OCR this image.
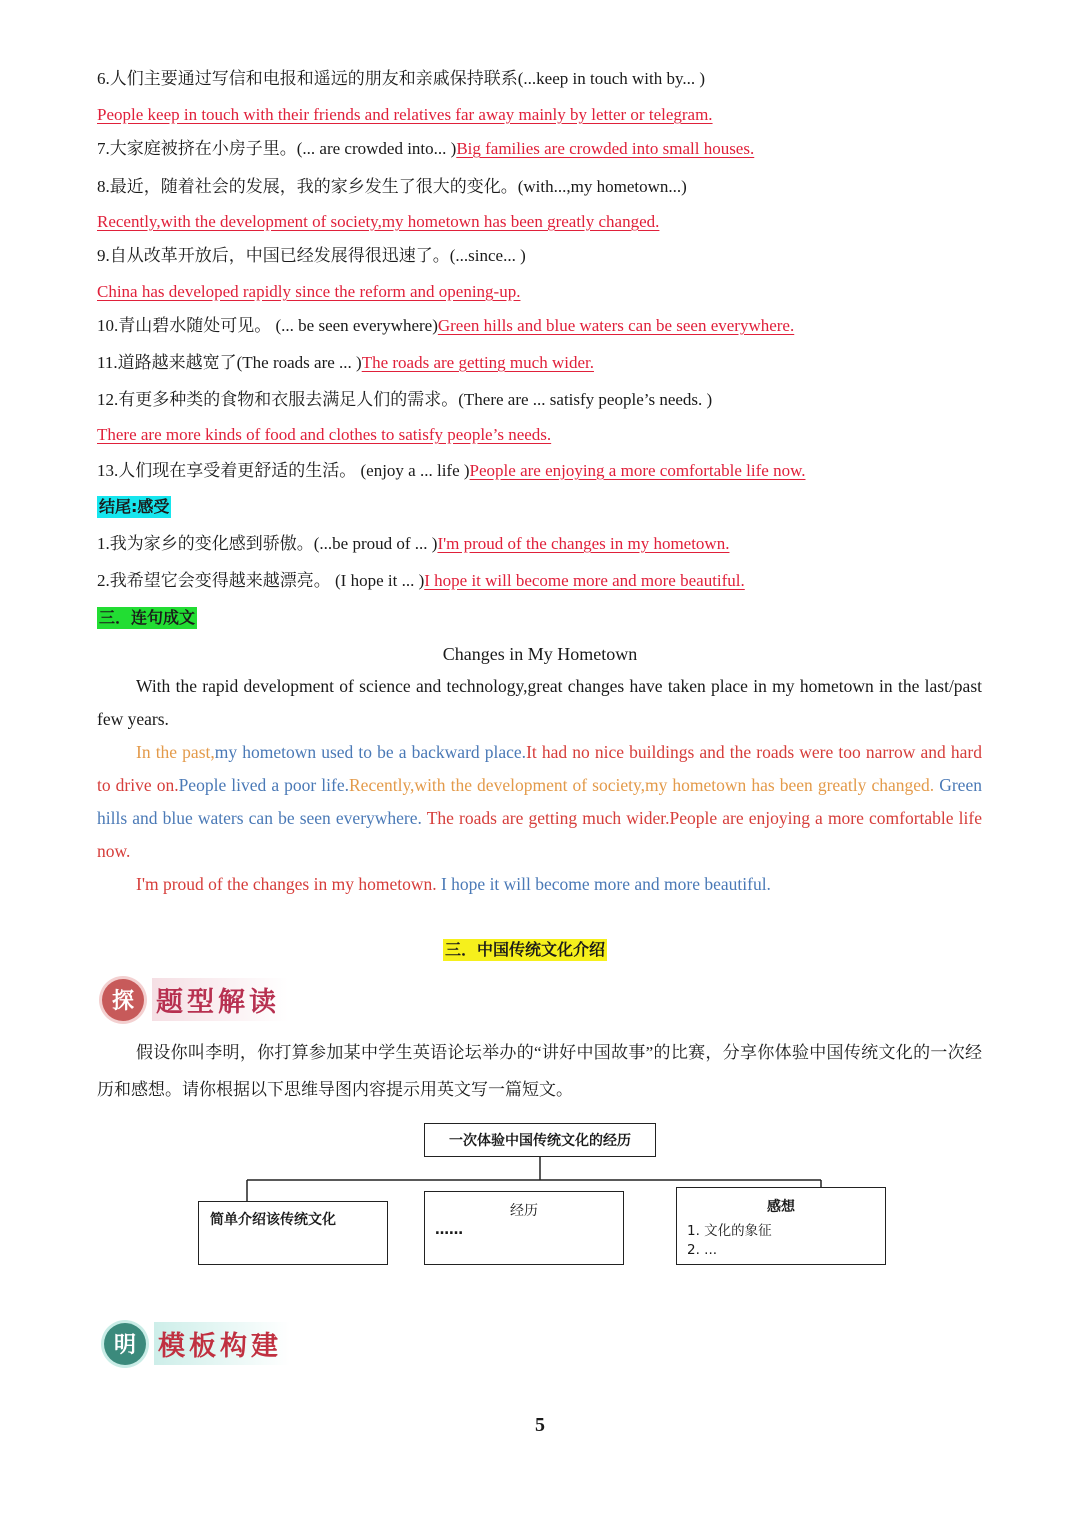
6.人们主要通过写信和电报和遥远的朋友和亲戚保持联系(...keep in touch with by... )
People keep in touch with their friends and relatives far away mainly by letter or telegram.
7.大家庭被挤在小房子里。(... are crowded into... )Big families are crowded into small houses.
8.最近，随着社会的发展，我的家乡发生了很大的变化。(with...,my hometown...)
Recently,with the development of society,my hometown has been greatly changed.
9.自从改革开放后，中国已经发展得很迅速了。(...since... )
China has developed rapidly since the reform and opening-up.
10.青山碧水随处可见。 (... be seen everywhere)Green hills and blue waters can be seen everywhere.
11.道路越来越宽了(The roads are ... )The roads are getting much wider.
12.有更多种类的食物和衣服去满足人们的需求。(There are ... satisfy people’s needs. )
There are more kinds of food and clothes to satisfy people’s needs.
13.人们现在享受着更舒适的生活。 (enjoy a ... life )People are enjoying a more comfortable life now.
结尾:感受
1.我为家乡的变化感到骄傲。(...be proud of ... )I'm proud of the changes in my hometown.
2.我希望它会变得越来越漂亮。 (I hope it ... )I hope it will become more and more beautiful.
三．连句成文
Changes in My Hometown

With the rapid development of science and technology,great changes have taken place in my hometown in the last/past few years.

In the past,my hometown used to be a backward place.It had no nice buildings and the roads were too narrow and hard to drive on.People lived a poor life.Recently,with the development of society,my hometown has been greatly changed. Green hills and blue waters can be seen everywhere. The roads are getting much wider.People are enjoying a more comfortable life now.

I'm proud of the changes in my hometown. I hope it will become more and more beautiful.

三．中国传统文化介绍
探 题型解读

假设你叫李明，你打算参加某中学生英语论坛举办的“讲好中国故事”的比赛，分享你体验中国传统文化的一次经历和感想。请你根据以下思维导图内容提示用英文写一篇短文。

一次体验中国传统文化的经历
简单介绍该传统文化
经历
……
感想
1. 文化的象征
2. ...
明 模板构建
5
